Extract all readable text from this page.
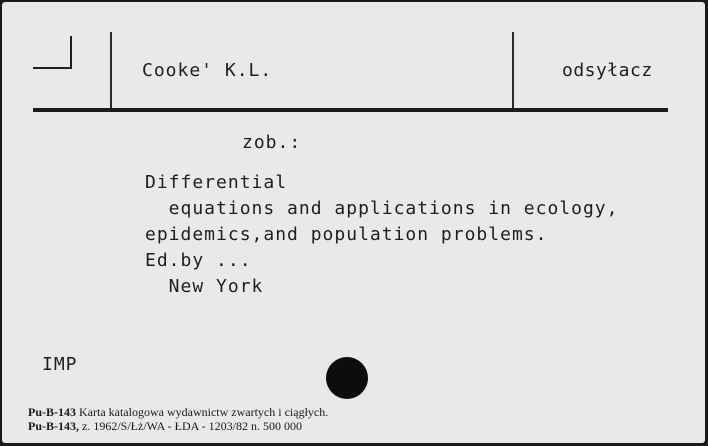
Cooke' K.L.	odsyłacz
zob.:
Differential
equations and applications in ecology,
epidemics,and population problems.
Ed.by ...
New York
IMP
Pu-B-143 Karta katalogowa wydawnictw zwartych i ciągłych.
Pu-B-143, z. 1962/S/Łż/WA - ŁDA - 1203/82 n. 500 000
